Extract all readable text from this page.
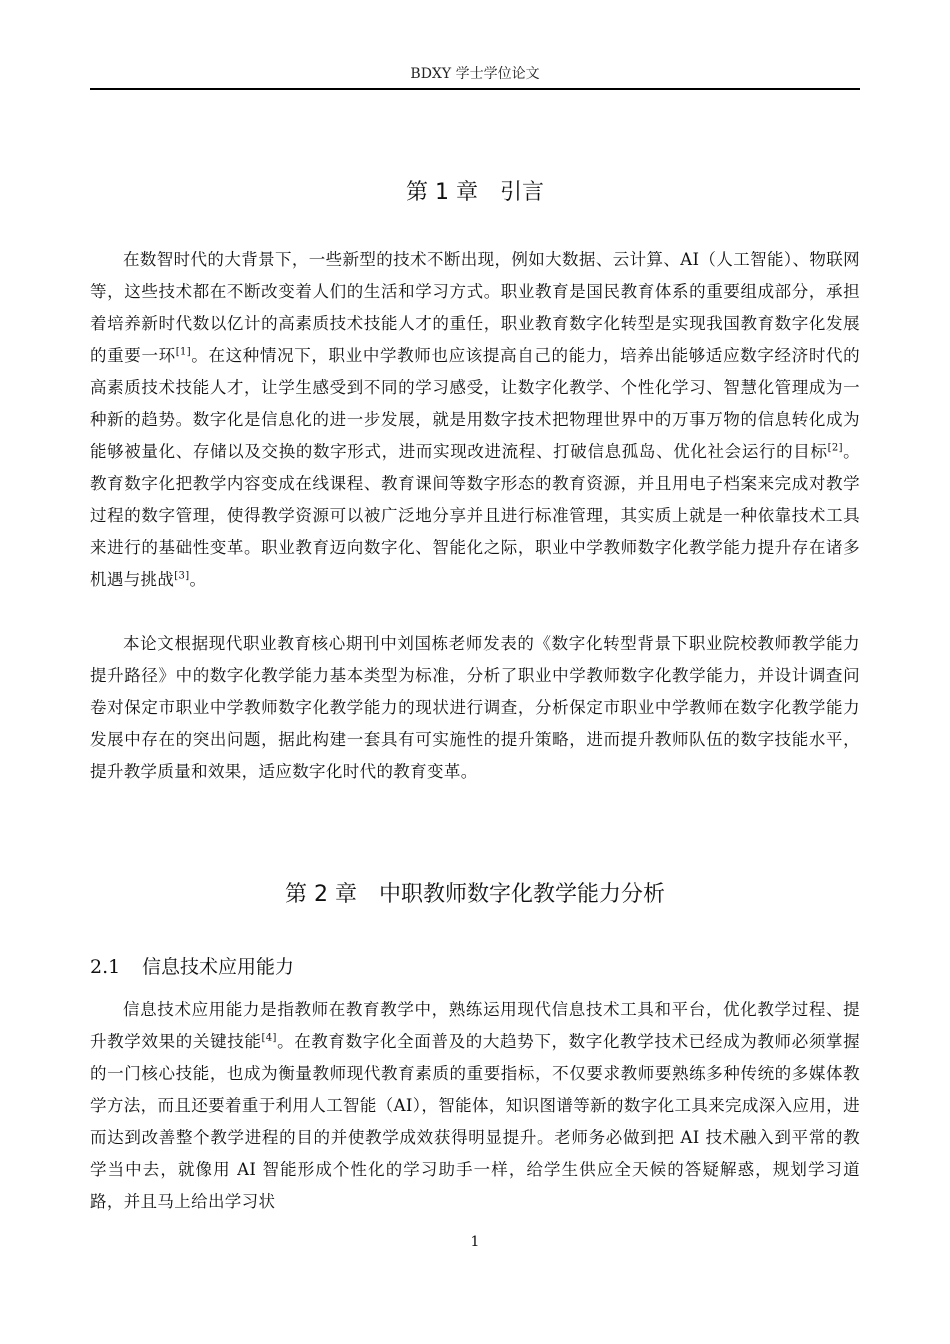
BDXY 学士学位论文
第 1 章 引言

在数智时代的大背景下，一些新型的技术不断出现，例如大数据、云计算、AI（人工智能）、物联网等，这些技术都在不断改变着人们的生活和学习方式。职业教育是国民教育体系的重要组成部分，承担着培养新时代数以亿计的高素质技术技能人才的重任，职业教育数字化转型是实现我国教育数字化发展的重要一环[1]。在这种情况下，职业中学教师也应该提高自己的能力，培养出能够适应数字经济时代的高素质技术技能人才，让学生感受到不同的学习感受，让数字化教学、个性化学习、智慧化管理成为一种新的趋势。数字化是信息化的进一步发展，就是用数字技术把物理世界中的万事万物的信息转化成为能够被量化、存储以及交换的数字形式，进而实现改进流程、打破信息孤岛、优化社会运行的目标[2]。教育数字化把教学内容变成在线课程、教育课间等数字形态的教育资源，并且用电子档案来完成对教学过程的数字管理，使得教学资源可以被广泛地分享并且进行标准管理，其实质上就是一种依靠技术工具来进行的基础性变革。职业教育迈向数字化、智能化之际，职业中学教师数字化教学能力提升存在诸多机遇与挑战[3]。

本论文根据现代职业教育核心期刊中刘国栋老师发表的《数字化转型背景下职业院校教师教学能力提升路径》中的数字化教学能力基本类型为标准，分析了职业中学教师数字化教学能力，并设计调查问卷对保定市职业中学教师数字化教学能力的现状进行调查，分析保定市职业中学教师在数字化教学能力发展中存在的突出问题，据此构建一套具有可实施性的提升策略，进而提升教师队伍的数字技能水平，提升教学质量和效果，适应数字化时代的教育变革。

第 2 章 中职教师数字化教学能力分析
2.1 信息技术应用能力

信息技术应用能力是指教师在教育教学中，熟练运用现代信息技术工具和平台，优化教学过程、提升教学效果的关键技能[4]。在教育数字化全面普及的大趋势下，数字化教学技术已经成为教师必须掌握的一门核心技能，也成为衡量教师现代教育素质的重要指标，不仅要求教师要熟练多种传统的多媒体教学方法，而且还要着重于利用人工智能（AI），智能体，知识图谱等新的数字化工具来完成深入应用，进而达到改善整个教学进程的目的并使教学成效获得明显提升。老师务必做到把 AI 技术融入到平常的教学当中去，就像用 AI 智能形成个性化的学习助手一样，给学生供应全天候的答疑解惑，规划学习道路，并且马上给出学习状

1
